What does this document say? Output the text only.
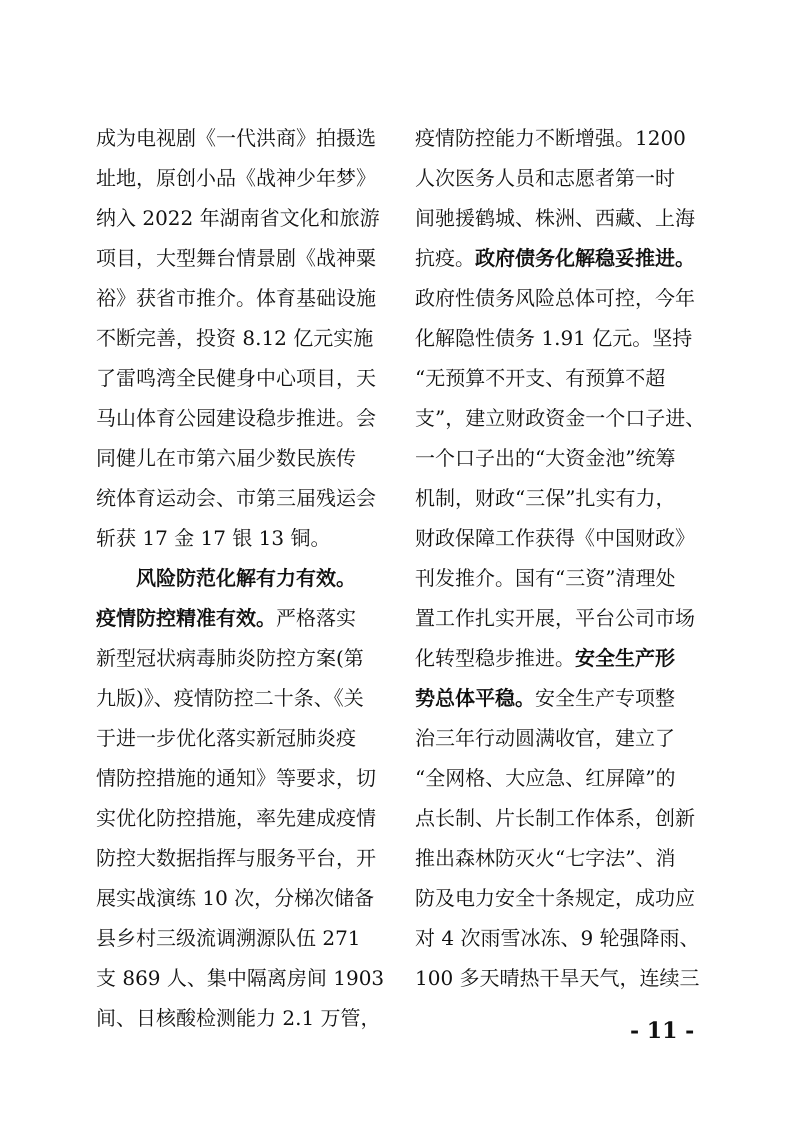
成为电视剧《一代洪商》拍摄选
址地，原创小品《战神少年梦》
纳入 2022 年湖南省文化和旅游
项目，大型舞台情景剧《战神粟
裕》获省市推介。体育基础设施
不断完善，投资 8.12 亿元实施
了雷鸣湾全民健身中心项目，天
马山体育公园建设稳步推进。会
同健儿在市第六届少数民族传
统体育运动会、市第三届残运会
斩获 17 金 17 银 13 铜。
风险防范化解有力有效。
疫情防控精准有效。严格落实
新型冠状病毒肺炎防控方案(第
九版)》、疫情防控二十条、《关
于进一步优化落实新冠肺炎疫
情防控措施的通知》等要求，切
实优化防控措施，率先建成疫情
防控大数据指挥与服务平台，开
展实战演练 10 次，分梯次储备
县乡村三级流调溯源队伍 271
支 869 人、集中隔离房间 1903
间、日核酸检测能力 2.1 万管，
疫情防控能力不断增强。1200
人次医务人员和志愿者第一时
间驰援鹤城、株洲、西藏、上海
抗疫。政府债务化解稳妥推进。
政府性债务风险总体可控，今年
化解隐性债务 1.91 亿元。坚持
“无预算不开支、有预算不超
支”，建立财政资金一个口子进、
一个口子出的“大资金池”统筹
机制，财政“三保”扎实有力，
财政保障工作获得《中国财政》
刊发推介。国有“三资”清理处
置工作扎实开展，平台公司市场
化转型稳步推进。安全生产形
势总体平稳。安全生产专项整
治三年行动圆满收官，建立了
“全网格、大应急、红屏障”的
点长制、片长制工作体系，创新
推出森林防灭火“七字法”、消
防及电力安全十条规定，成功应
对 4 次雨雪冰冻、9 轮强降雨、
100 多天晴热干旱天气，连续三
- 11 -
